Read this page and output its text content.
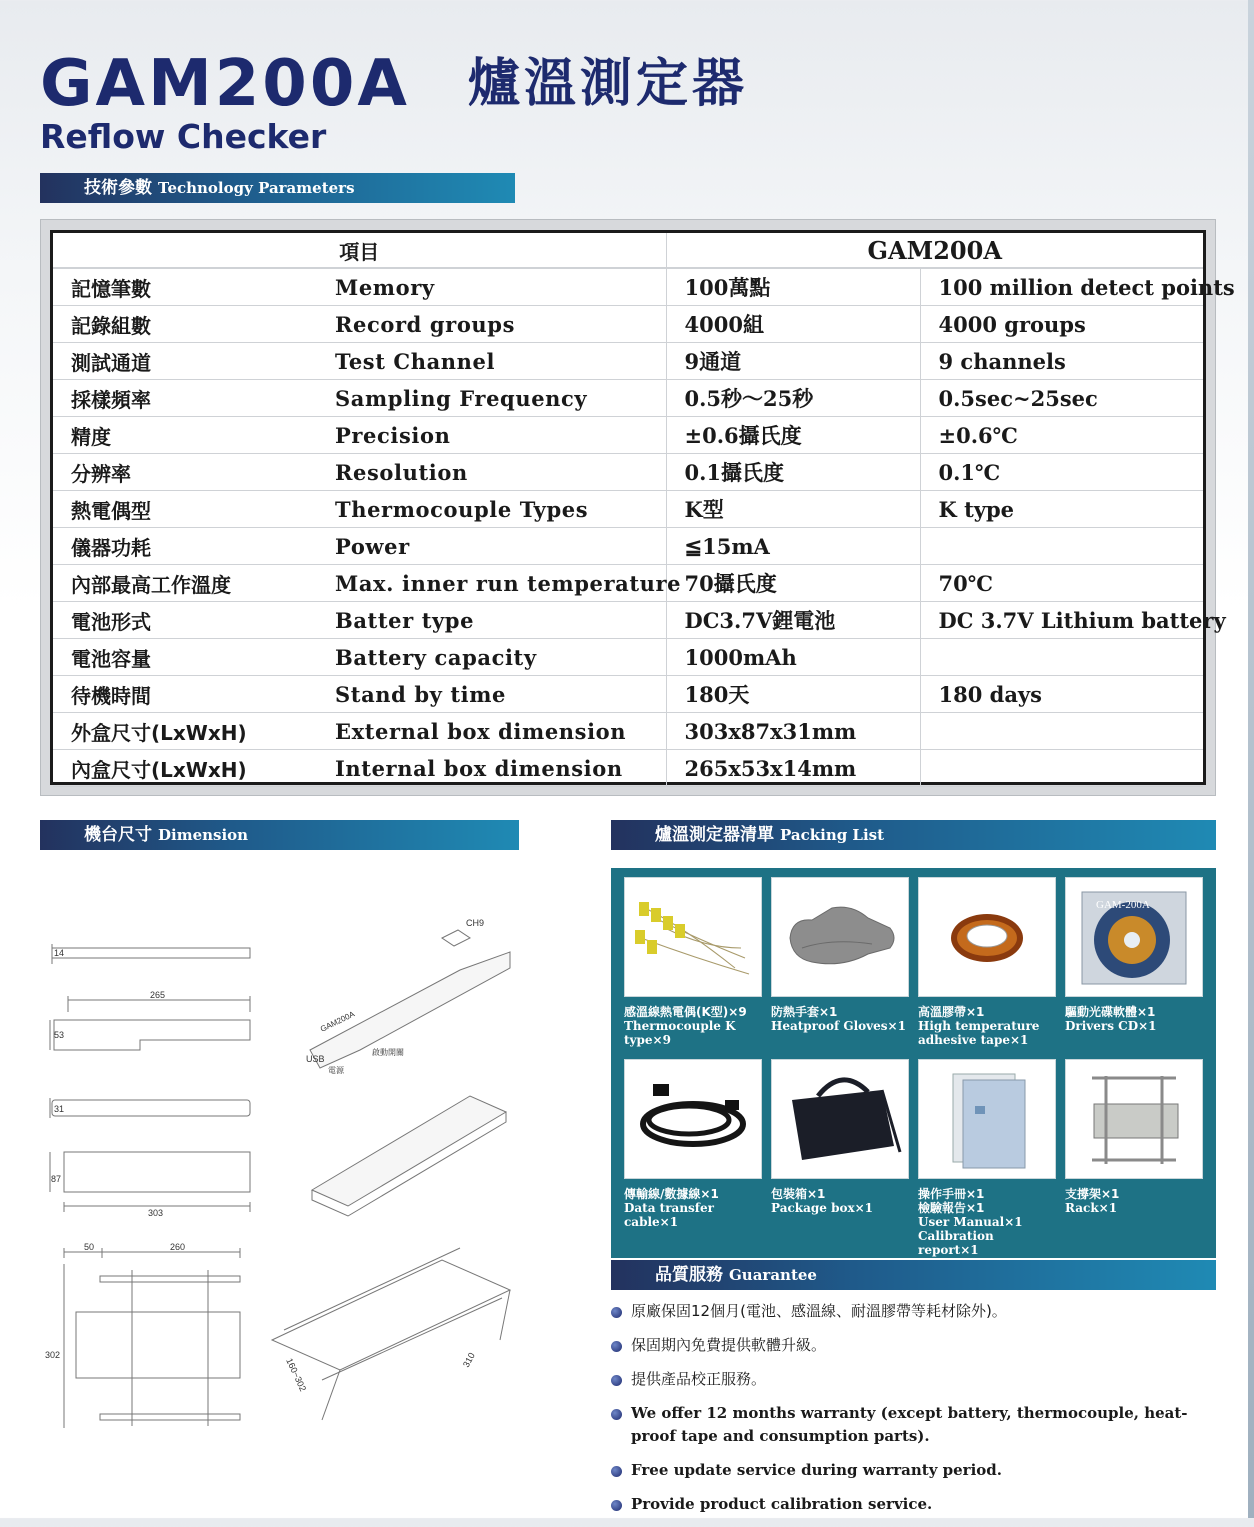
GAM200A 爐溫測定器
Reflow Checker
技術參數 Technology Parameters
項目		GAM200A	
記憶筆數	Memory	100萬點	100 million detect points
記錄組數	Record groups	4000組	4000 groups
測試通道	Test Channel	9通道	9 channels
採樣頻率	Sampling Frequency	0.5秒～25秒	0.5sec~25sec
精度	Precision	±0.6攝氏度	±0.6℃
分辨率	Resolution	0.1攝氏度	0.1℃
熱電偶型	Thermocouple Types	K型	K type
儀器功耗	Power	≦15mA	
內部最高工作溫度	Max. inner run temperature	70攝氏度	70℃
電池形式	Batter type	DC3.7V鋰電池	DC 3.7V Lithium battery
電池容量	Battery capacity	1000mAh	
待機時間	Stand by time	180天	180 days
外盒尺寸(LxWxH)	External box dimension	303x87x31mm	
內盒尺寸(LxWxH)	Internal box dimension	265x53x14mm	
機台尺寸 Dimension
14
265
53
31
87
303
50	260
302
160~302	310
CH9
USB
電源
啟動開關
GAM200A
爐溫測定器清單 Packing List
感溫線熱電偶(K型)×9
Thermocouple K type×9
防熱手套×1
Heatproof Gloves×1
高溫膠帶×1
High temperature adhesive tape×1
GAM-200A
驅動光碟軟體×1
Drivers CD×1
傳輸線/數據線×1
Data transfer cable×1
包裝箱×1
Package box×1
操作手冊×1
檢驗報告×1
User Manual×1
Calibration report×1
支撐架×1
Rack×1
品質服務 Guarantee
原廠保固12個月(電池、感溫線、耐溫膠帶等耗材除外)。
保固期內免費提供軟體升級。
提供產品校正服務。
We offer 12 months warranty (except battery, thermocouple, heat-proof tape and consumption parts).
Free update service during warranty period.
Provide product calibration service.
